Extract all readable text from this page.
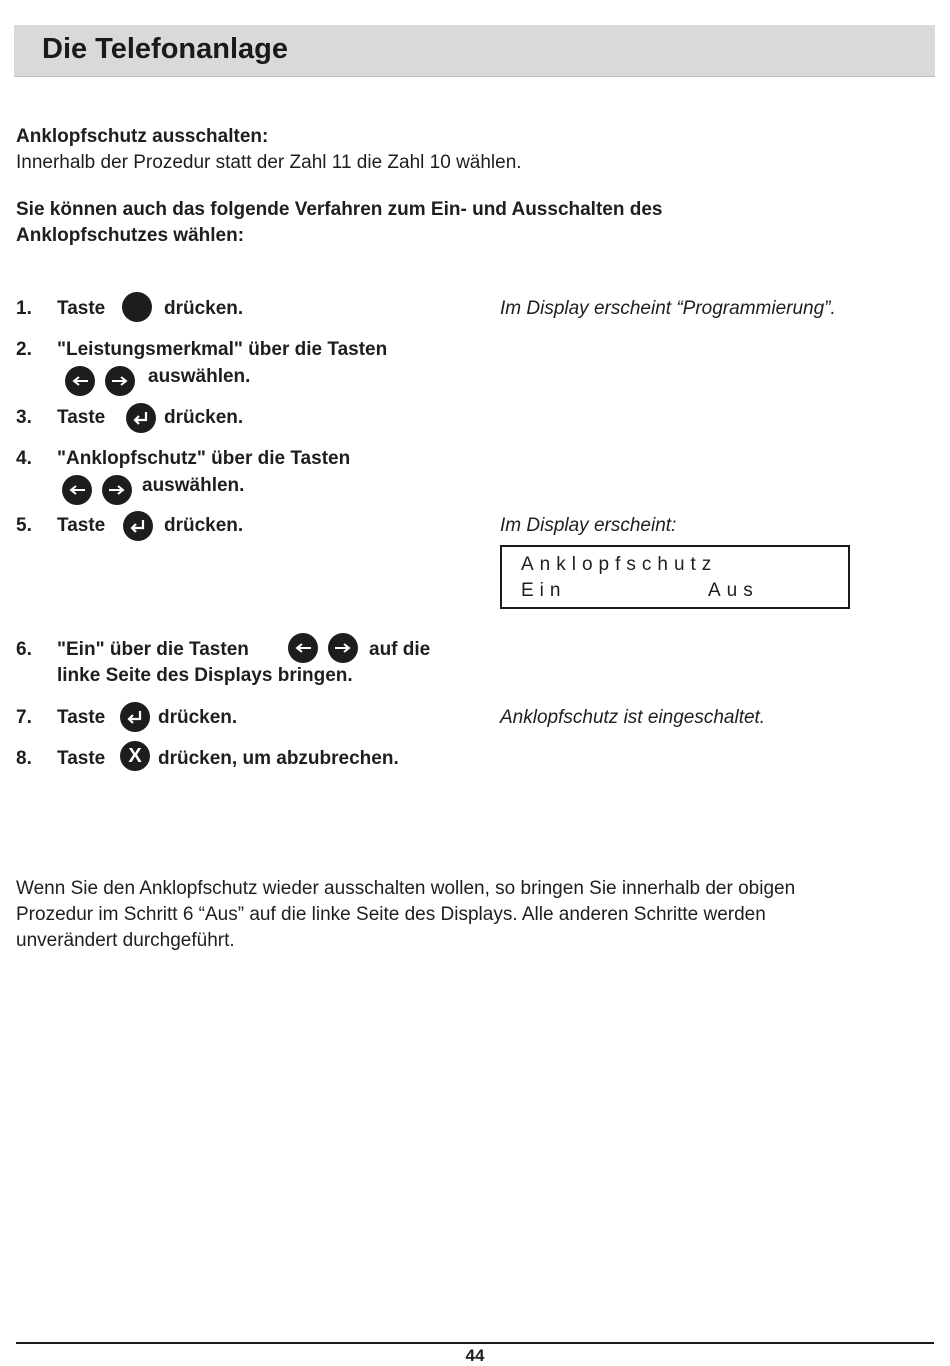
Die Telefonanlage
Anklopfschutz ausschalten:
Innerhalb der Prozedur statt der Zahl 11 die Zahl 10 wählen.
Sie können auch das folgende Verfahren zum Ein- und Ausschalten des
Anklopfschutzes wählen:
1. Taste	drücken.	Im Display erscheint “Programmierung”.
2. "Leistungsmerkmal" über die Tasten
auswählen.
3. Taste	drücken.
4. "Anklopfschutz" über die Tasten
auswählen.
5. Taste	drücken.	Im Display erscheint:
Anklopfschutz
Ein	Aus
6. "Ein" über die Tasten	auf die
linke Seite des Displays bringen.
7. Taste	drücken.	Anklopfschutz ist eingeschaltet.
8. Taste	X drücken, um abzubrechen.
Wenn Sie den Anklopfschutz wieder ausschalten wollen, so bringen Sie innerhalb der obigen
Prozedur im Schritt 6 “Aus” auf die linke Seite des Displays. Alle anderen Schritte werden
unverändert durchgeführt.
44
